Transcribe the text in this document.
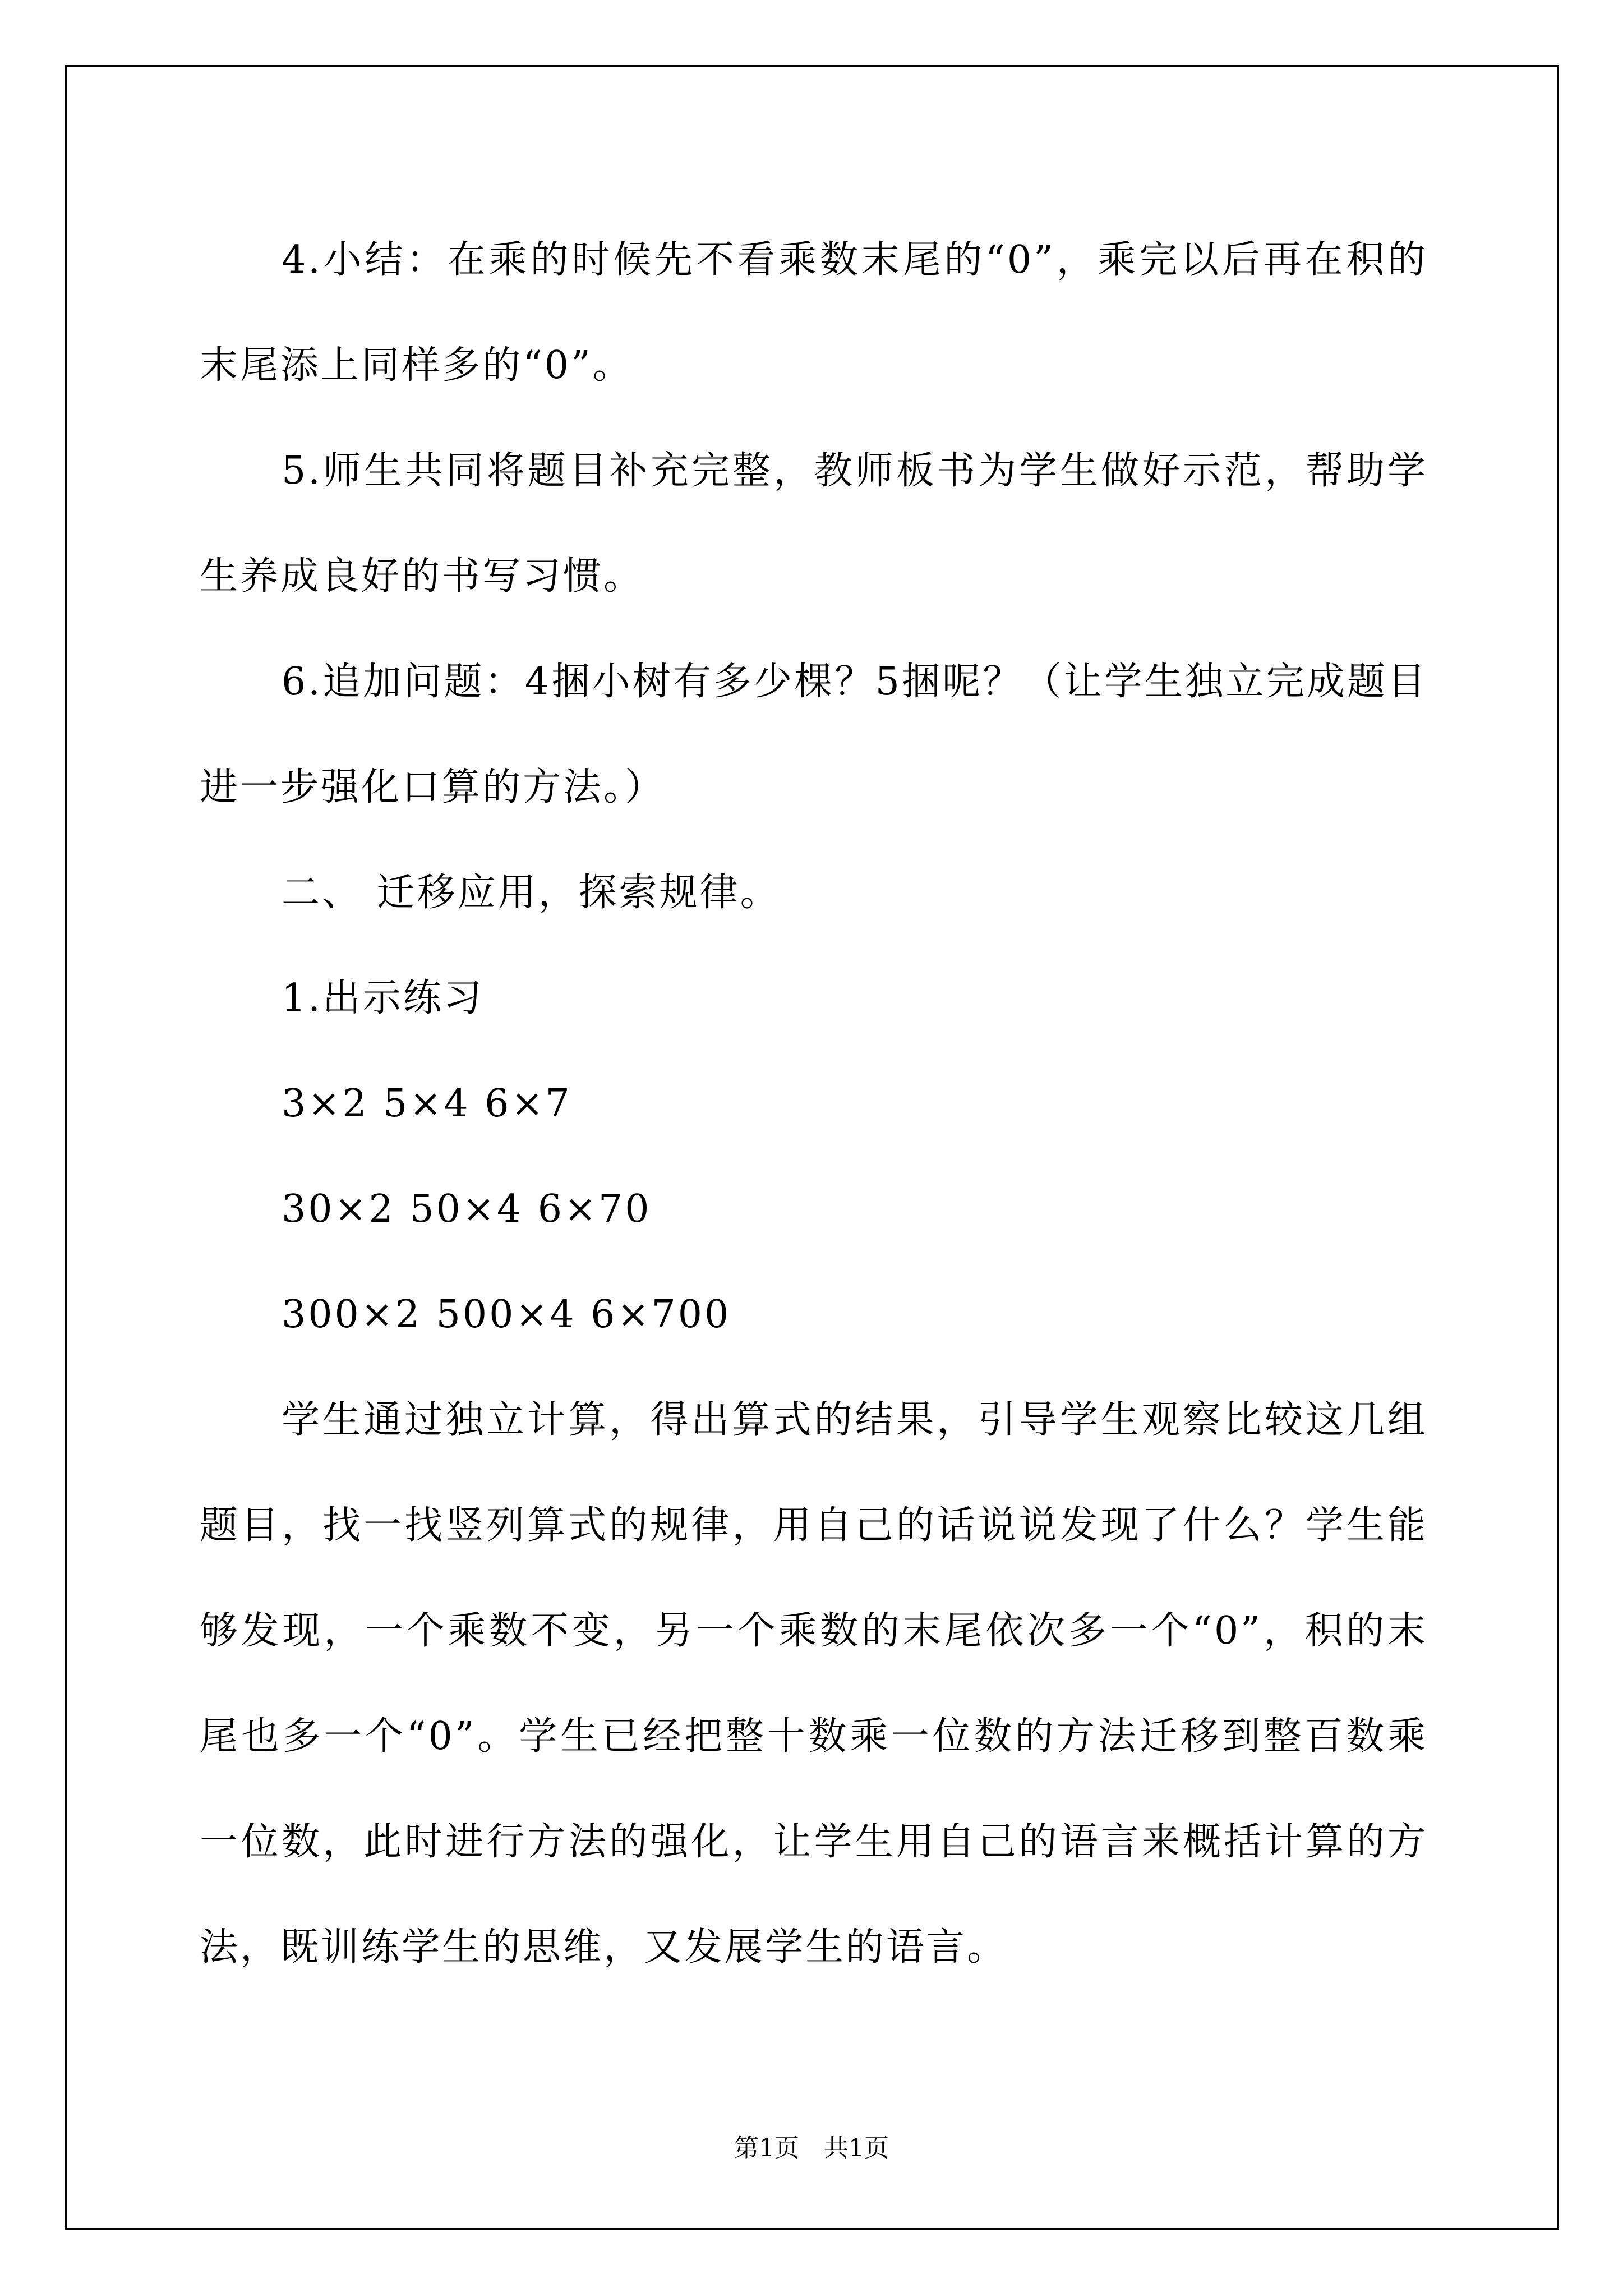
4.小结：在乘的时候先不看乘数末尾的“0”，乘完以后再在积的末尾添上同样多的“0”。

5.师生共同将题目补充完整，教师板书为学生做好示范，帮助学生养成良好的书写习惯。

6.追加问题：4捆小树有多少棵？5捆呢？（让学生独立完成题目进一步强化口算的方法。）

二、 迁移应用，探索规律。

1.出示练习

3×2 5×4 6×7

30×2 50×4 6×70

300×2 500×4 6×700

学生通过独立计算，得出算式的结果，引导学生观察比较这几组题目，找一找竖列算式的规律，用自己的话说说发现了什么？学生能够发现，一个乘数不变，另一个乘数的末尾依次多一个“0”，积的末尾也多一个“0”。学生已经把整十数乘一位数的方法迁移到整百数乘一位数，此时进行方法的强化，让学生用自己的语言来概括计算的方法，既训练学生的思维，又发展学生的语言。

第1页　共1页
